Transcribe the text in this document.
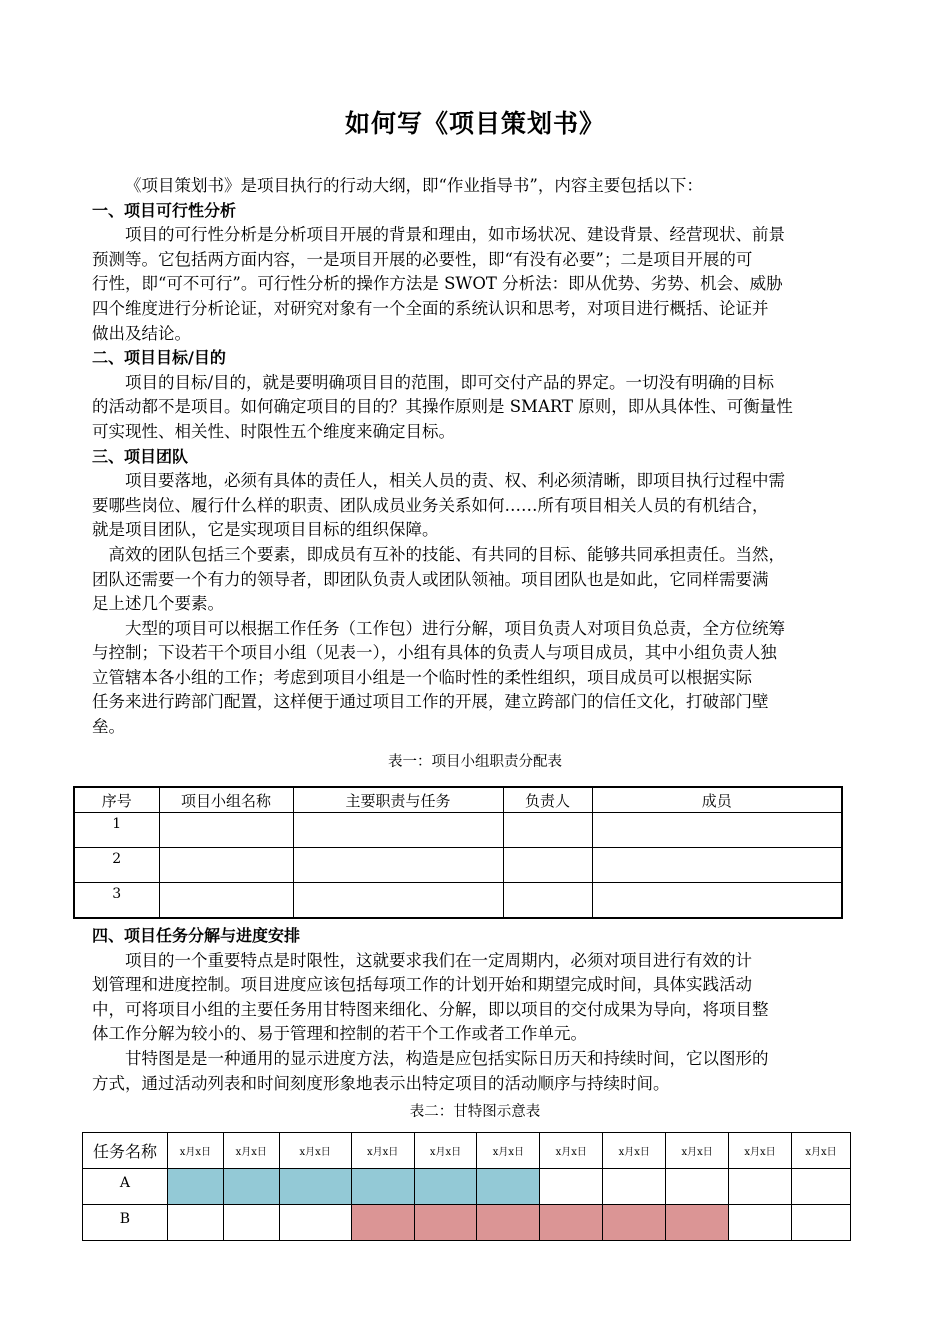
如何写《项目策划书》
《项目策划书》是项目执行的行动大纲，即“作业指导书”，内容主要包括以下：
一、项目可行性分析
项目的可行性分析是分析项目开展的背景和理由，如市场状况、建设背景、经营现状、前景
预测等。它包括两方面内容，一是项目开展的必要性，即“有没有必要”；二是项目开展的可
行性，即“可不可行”。可行性分析的操作方法是 SWOT 分析法：即从优势、劣势、机会、威胁
四个维度进行分析论证，对研究对象有一个全面的系统认识和思考，对项目进行概括、论证并
做出及结论。
二、项目目标/目的
项目的目标/目的，就是要明确项目目的范围，即可交付产品的界定。一切没有明确的目标
的活动都不是项目。如何确定项目的目的？其操作原则是 SMART 原则，即从具体性、可衡量性
可实现性、相关性、时限性五个维度来确定目标。
三、项目团队
项目要落地，必须有具体的责任人，相关人员的责、权、利必须清晰，即项目执行过程中需
要哪些岗位、履行什么样的职责、团队成员业务关系如何……所有项目相关人员的有机结合，
就是项目团队，它是实现项目目标的组织保障。
高效的团队包括三个要素，即成员有互补的技能、有共同的目标、能够共同承担责任。当然，
团队还需要一个有力的领导者，即团队负责人或团队领袖。项目团队也是如此，它同样需要满
足上述几个要素。
大型的项目可以根据工作任务（工作包）进行分解，项目负责人对项目负总责，全方位统筹
与控制；下设若干个项目小组（见表一），小组有具体的负责人与项目成员，其中小组负责人独
立管辖本各小组的工作；考虑到项目小组是一个临时性的柔性组织，项目成员可以根据实际
任务来进行跨部门配置，这样便于通过项目工作的开展，建立跨部门的信任文化，打破部门壁
垒。
表一：项目小组职责分配表
序号	项目小组名称	主要职责与任务	负责人	成员
1				
2				
3				
四、项目任务分解与进度安排
项目的一个重要特点是时限性，这就要求我们在一定周期内，必须对项目进行有效的计
划管理和进度控制。项目进度应该包括每项工作的计划开始和期望完成时间，具体实践活动
中，可将项目小组的主要任务用甘特图来细化、分解，即以项目的交付成果为导向，将项目整
体工作分解为较小的、易于管理和控制的若干个工作或者工作单元。
甘特图是是一种通用的显示进度方法，构造是应包括实际日历天和持续时间，它以图形的
方式，通过活动列表和时间刻度形象地表示出特定项目的活动顺序与持续时间。
表二：甘特图示意表
任务名称	x月x日	x月x日	x月x日	x月x日	x月x日	x月x日	x月x日	x月x日	x月x日	x月x日	x月x日
A											
B											
